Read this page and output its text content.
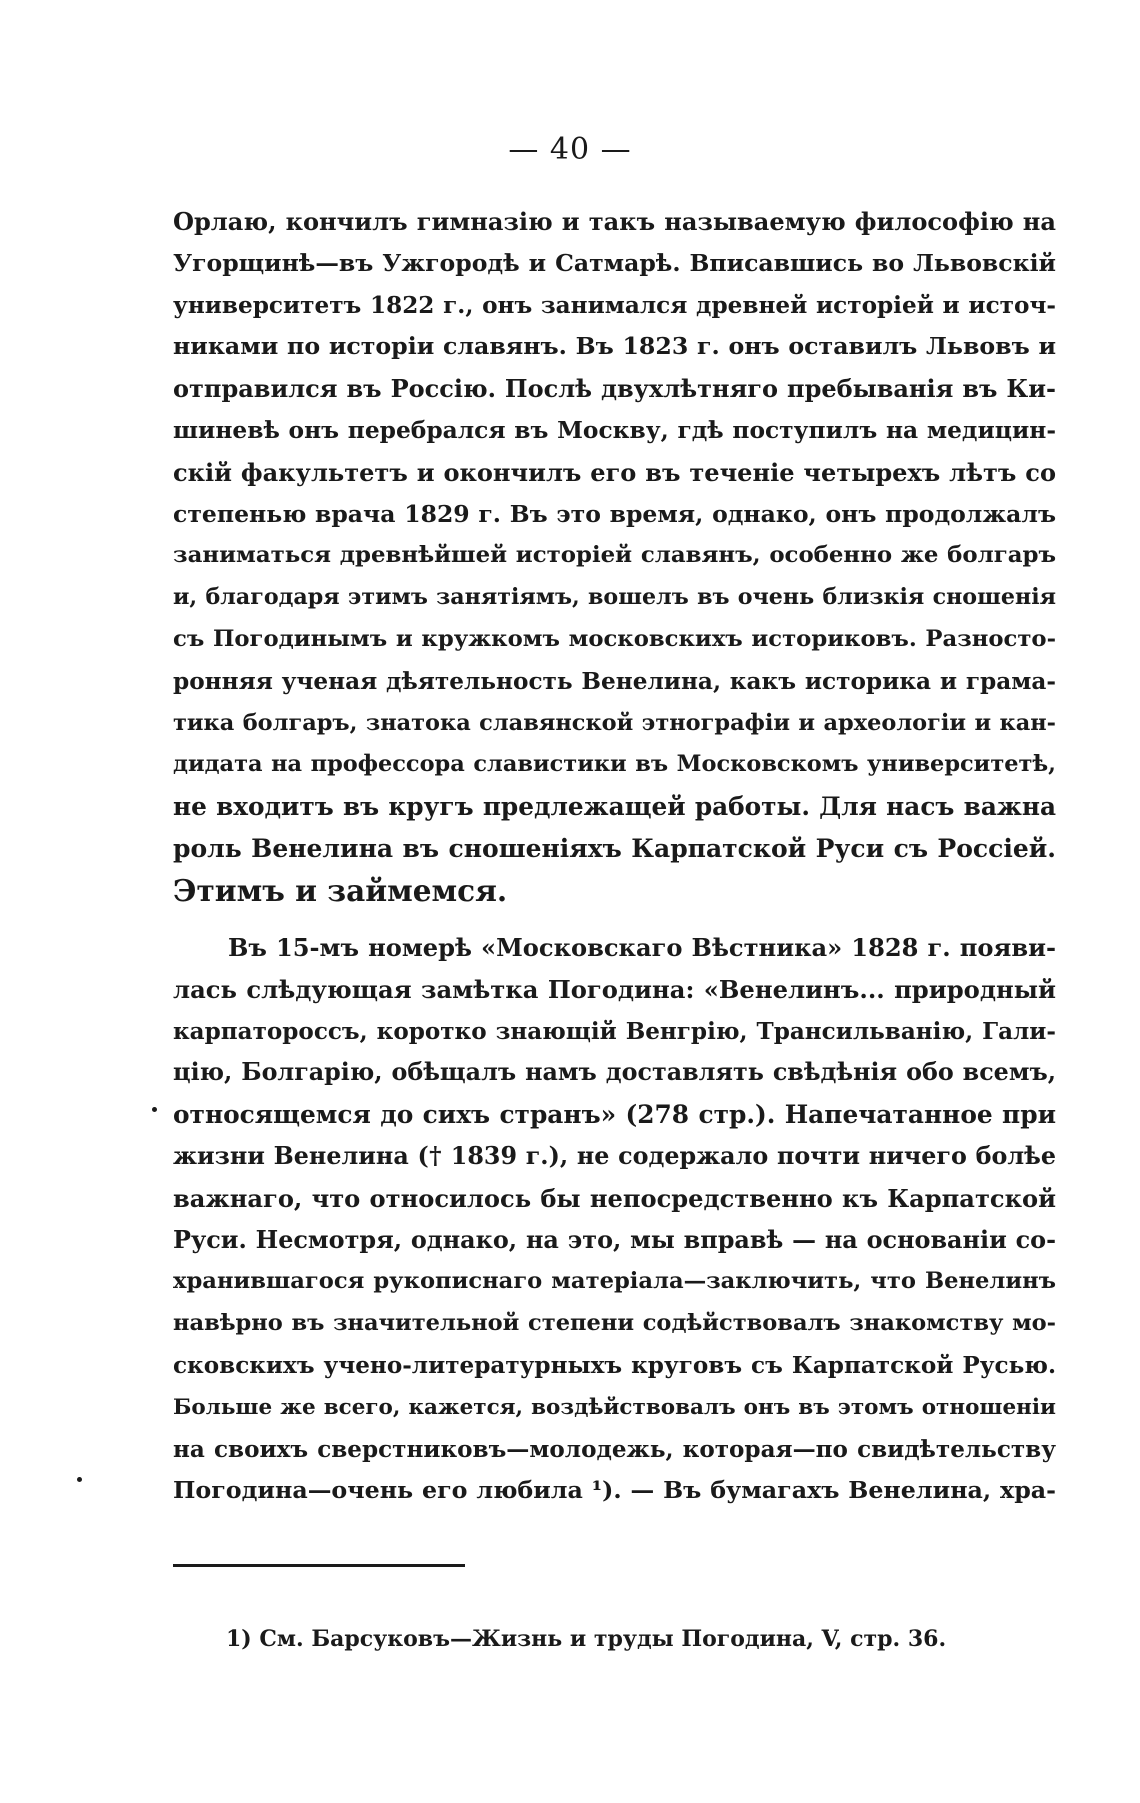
— 40 —
Орлаю, кончилъ гимназію и такъ называемую философію на
Угорщинѣ—въ Ужгородѣ и Сатмарѣ. Вписавшись во Львовскій
университетъ 1822 г., онъ занимался древней исторіей и источ-
никами по исторіи славянъ. Въ 1823 г. онъ оставилъ Львовъ и
отправился въ Россію. Послѣ двухлѣтняго пребыванія въ Ки-
шиневѣ онъ перебрался въ Москву, гдѣ поступилъ на медицин-
скій факультетъ и окончилъ его въ теченіе четырехъ лѣтъ со
степенью врача 1829 г. Въ это время, однако, онъ продолжалъ
заниматься древнѣйшей исторіей славянъ, особенно же болгаръ
и, благодаря этимъ занятіямъ, вошелъ въ очень близкія сношенія
съ Погодинымъ и кружкомъ московскихъ историковъ. Разносто-
ронняя ученая дѣятельность Венелина, какъ историка и грама-
тика болгаръ, знатока славянской этнографіи и археологіи и кан-
дидата на профессора славистики въ Московскомъ университетѣ,
не входитъ въ кругъ предлежащей работы. Для насъ важна
роль Венелина въ сношеніяхъ Карпатской Руси съ Россіей.
Этимъ и займемся.
Въ 15-мъ номерѣ «Московскаго Вѣстника» 1828 г. появи-
лась слѣдующая замѣтка Погодина: «Венелинъ... природный
карпатороссъ, коротко знающій Венгрію, Трансильванію, Гали-
цію, Болгарію, обѣщалъ намъ доставлять свѣдѣнія обо всемъ,
относящемся до сихъ странъ» (278 стр.). Напечатанное при
жизни Венелина († 1839 г.), не содержало почти ничего болѣе
важнаго, что относилось бы непосредственно къ Карпатской
Руси. Несмотря, однако, на это, мы вправѣ — на основаніи со-
хранившагося рукописнаго матеріала—заключить, что Венелинъ
навѣрно въ значительной степени содѣйствовалъ знакомству мо-
сковскихъ учено-литературныхъ круговъ съ Карпатской Русью.
Больше же всего, кажется, воздѣйствовалъ онъ въ этомъ отношеніи
на своихъ сверстниковъ—молодежь, которая—по свидѣтельству
Погодина—очень его любила ¹). — Въ бумагахъ Венелина, хра-
1) См. Барсуковъ—Жизнь и труды Погодина, V, стр. 36.
